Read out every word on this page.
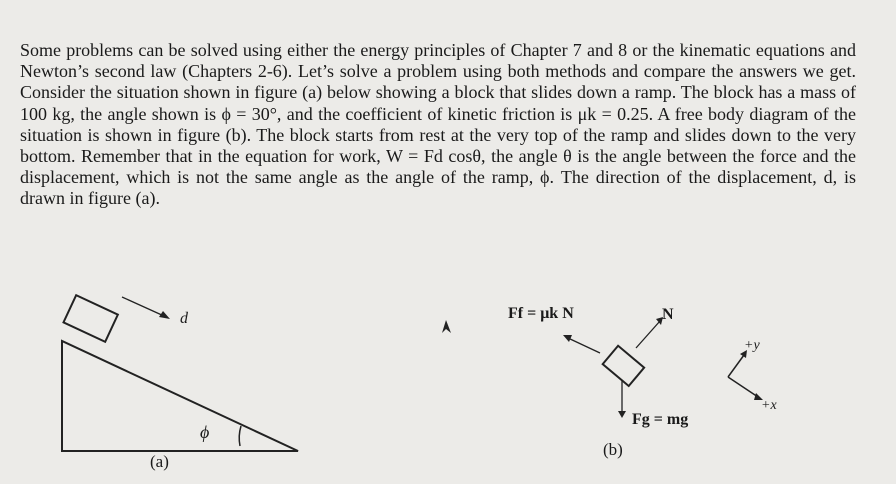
Some problems can be solved using either the energy principles of Chapter 7 and 8 or the kinematic equations and Newton’s second law (Chapters 2-6). Let’s solve a problem using both methods and compare the answers we get. Consider the situation shown in figure (a) below showing a block that slides down a ramp. The block has a mass of 100 kg, the angle shown is ϕ = 30°, and the coefficient of kinetic friction is μk = 0.25. A free body diagram of the situation is shown in figure (b). The block starts from rest at the very top of the ramp and slides down to the very bottom. Remember that in the equation for work, W = Fd cosθ, the angle θ is the angle between the force and the displacement, which is not the same angle as the angle of the ramp, ϕ. The direction of the displacement, d, is drawn in figure (a).
d
ϕ
(a)
Ff = μk N	N
Fg = mg
(b)
+y
+x
